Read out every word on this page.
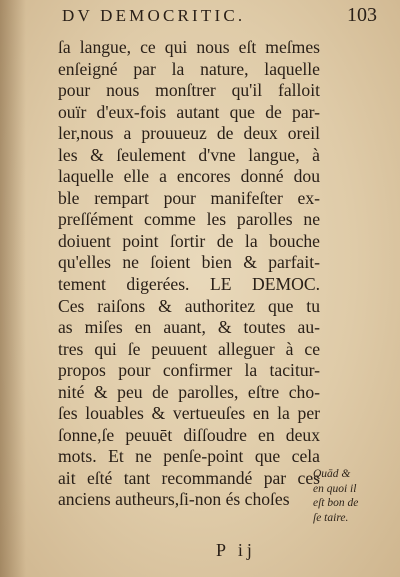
DV DEMOCRITIC.	103
ſa langue, ce qui nous eſt meſmes
enſeigné par la nature, laquelle
pour nous monſtrer qu'il falloit
ouïr d'eux-fois autant que de par-
ler,nous a prouueuz de deux oreil
les & ſeulement d'vne langue, à
laquelle elle a encores donné dou
ble rempart pour manifeſter ex-
preſſément comme les parolles ne
doiuent point ſortir de la bouche
qu'elles ne ſoient bien & parfait-
tement digerées. LE DEMOC.
Ces raiſons & authoritez que tu
as miſes en auant, & toutes au-
tres qui ſe peuuent alleguer à ce
propos pour confirmer la tacitur-
nité & peu de parolles, eſtre cho-
ſes louables & vertueuſes en la per
ſonne,ſe peuuēt diſſoudre en deux
mots. Et ne penſe-point que cela
ait eſté tant recommandé par ces
anciens autheurs,ſi-non és choſes
Quād &
en quoi il
eſt bon de
ſe taire.
P ij
